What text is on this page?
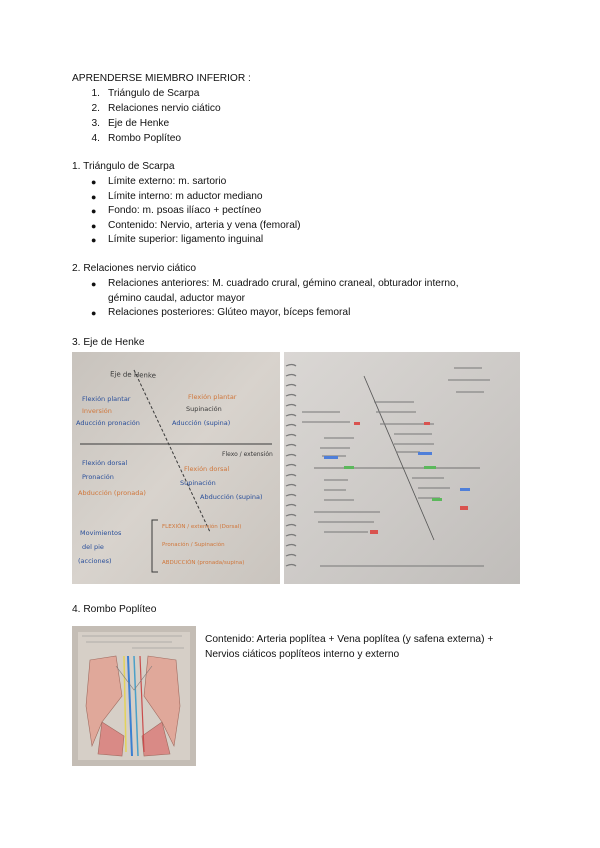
APRENDERSE MIEMBRO INFERIOR :
1. Triángulo de Scarpa
2. Relaciones nervio ciático
3. Eje de Henke
4. Rombo Poplíteo
1. Triángulo de Scarpa
● Límite externo: m. sartorio
● Límite interno: m aductor mediano
● Fondo: m. psoas ilíaco + pectíneo
● Contenido: Nervio, arteria y vena (femoral)
● Límite superior: ligamento inguinal
2. Relaciones nervio ciático
● Relaciones anteriores: M. cuadrado crural, gémino craneal, obturador interno,
gémino caudal, aductor mayor
● Relaciones posteriores: Glúteo mayor, bíceps femoral
3. Eje de Henke
Eje de Henke
Flexión plantar
Inversión
Aducción pronación
Flexión plantar
Supinación
Aducción (supina)
Flexo / extensión
Flexión dorsal
Pronación
Abducción (pronada)
Flexión dorsal
Supinación
Abducción (supina)
Movimientos
del pie
(acciones)
FLEXIÓN / extensión (Dorsal)
Pronación / Supinación
ABDUCCIÓN (pronada/supina)
4. Rombo Poplíteo
Contenido: Arteria poplítea + Vena poplítea (y safena externa) +
Nervios ciáticos poplíteos interno y externo
